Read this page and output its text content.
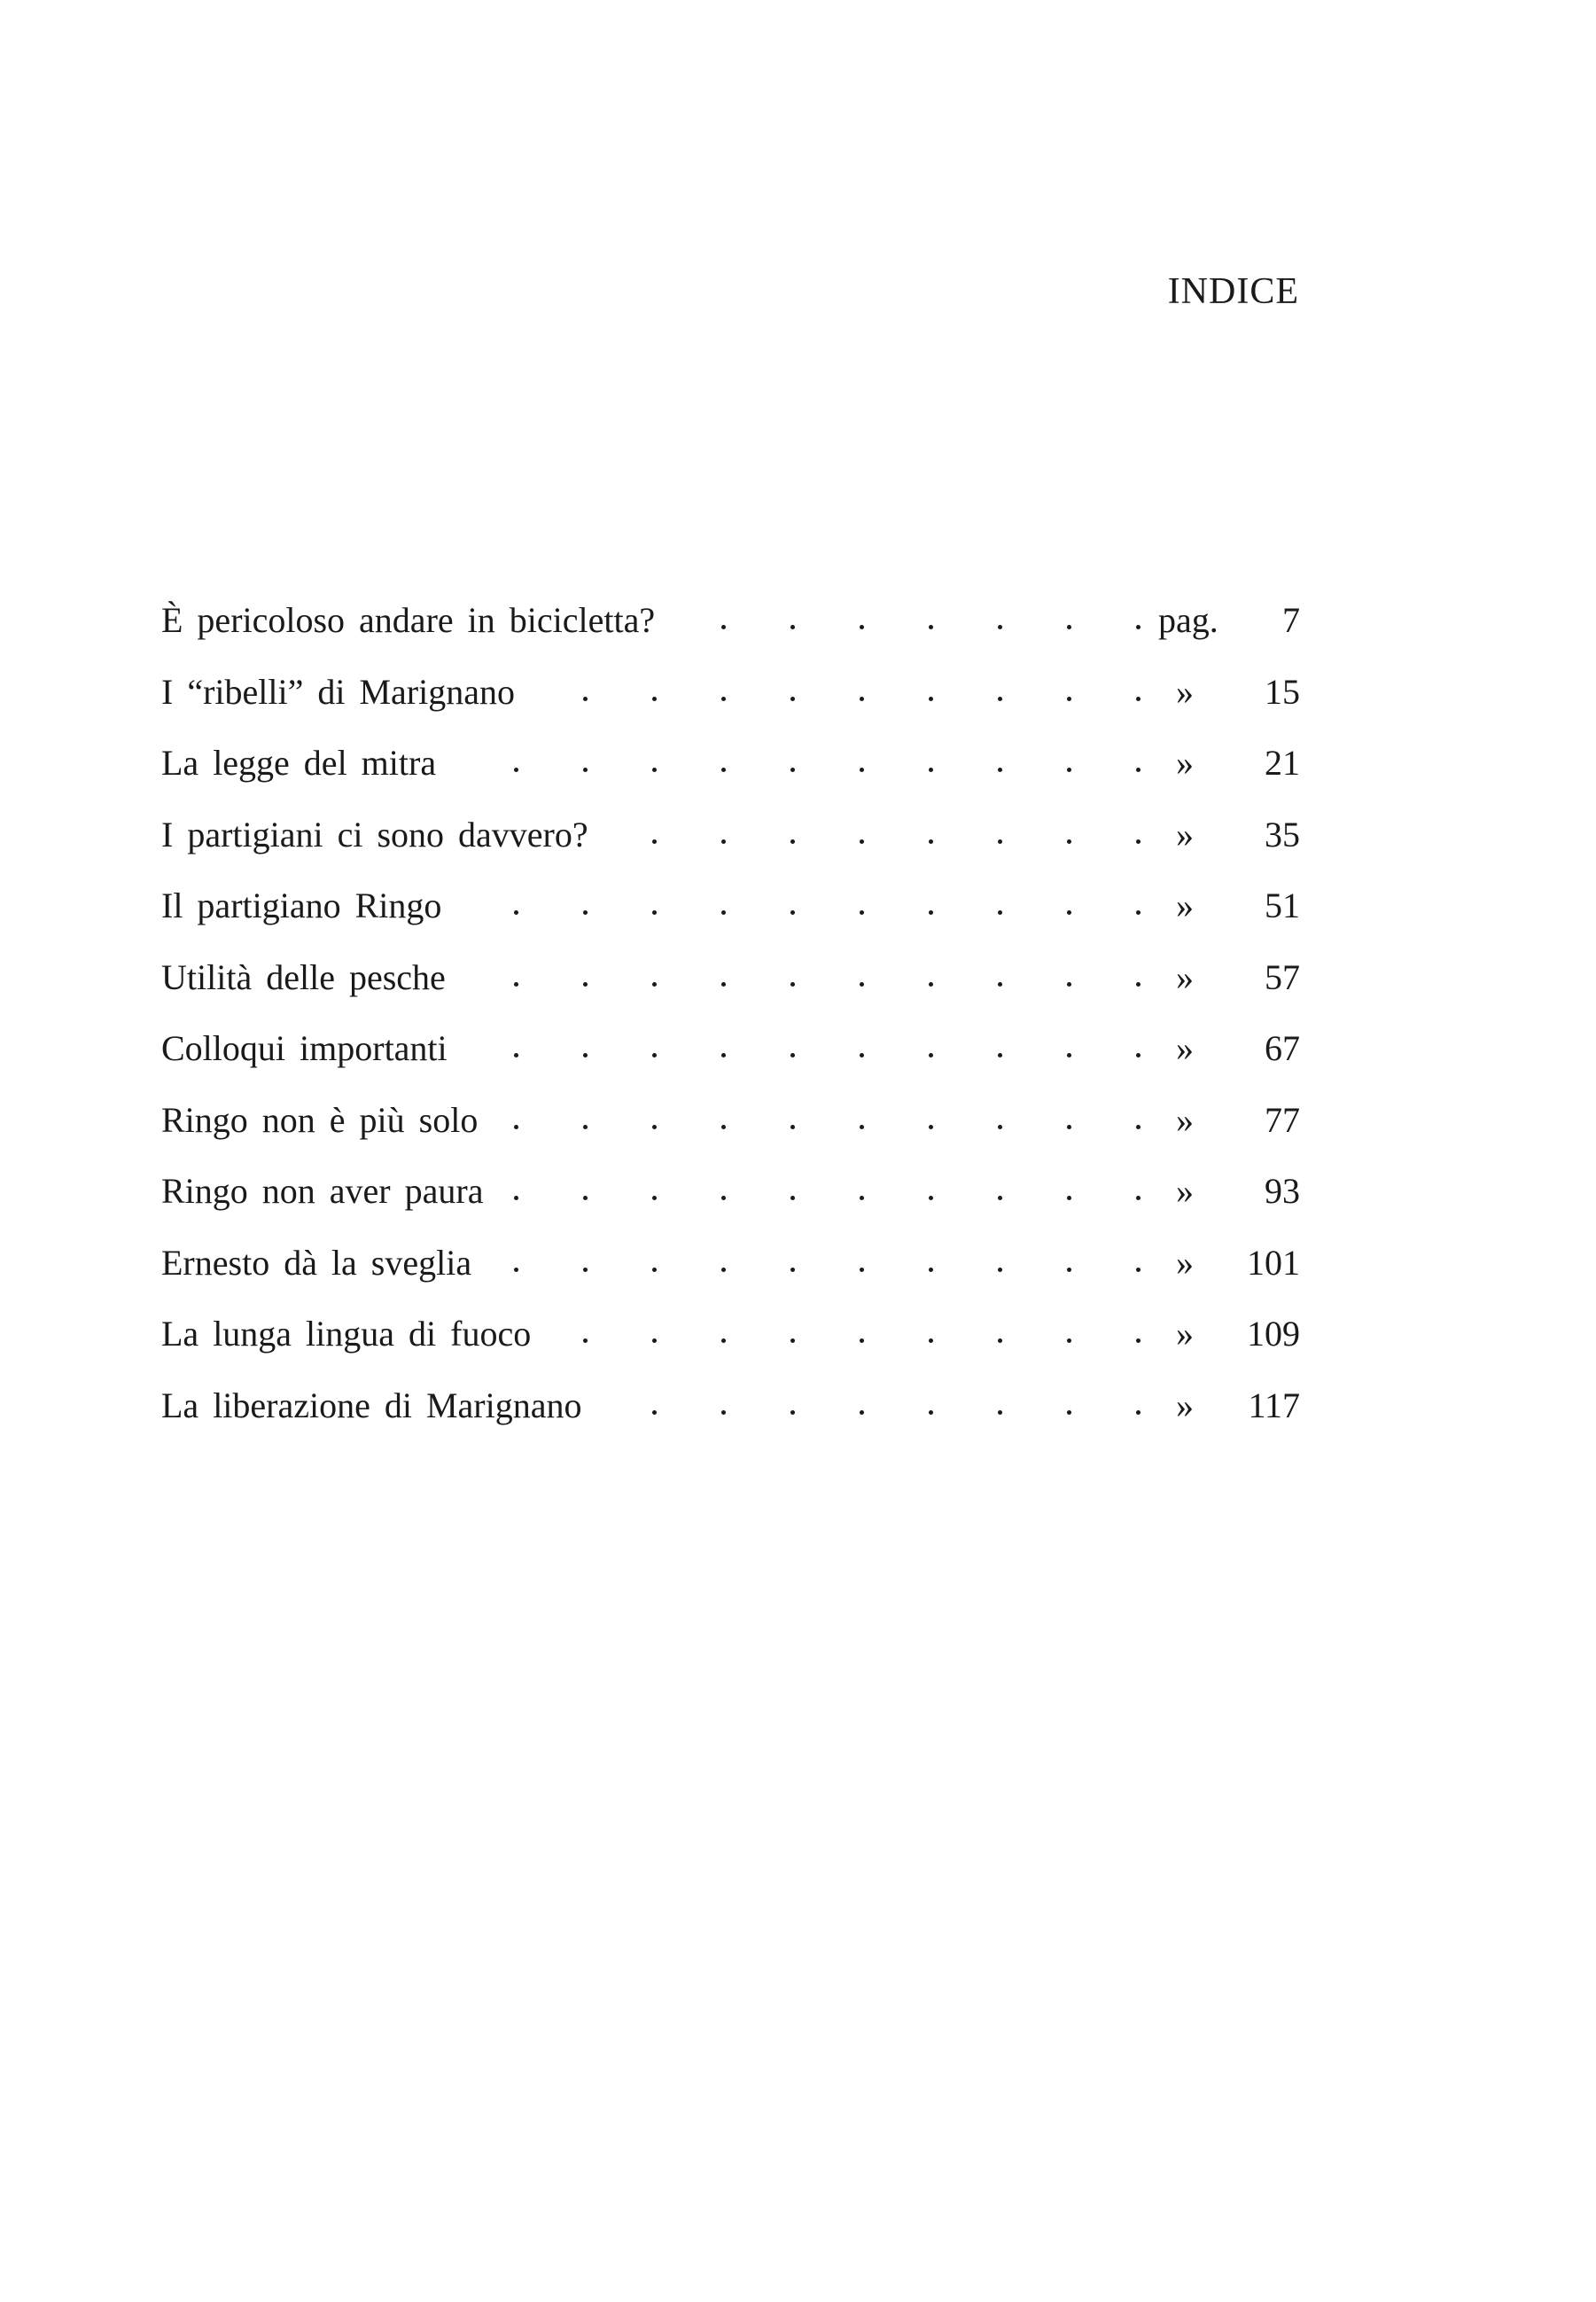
INDICE
È pericoloso andare in bicicletta?	pag.	7
I “ribelli” di Marignano	»	15
La legge del mitra	»	21
I partigiani ci sono davvero?	»	35
Il partigiano Ringo	»	51
Utilità delle pesche	»	57
Colloqui importanti	»	67
Ringo non è più solo	»	77
Ringo non aver paura	»	93
Ernesto dà la sveglia	»	101
La lunga lingua di fuoco	»	109
La liberazione di Marignano	»	117
